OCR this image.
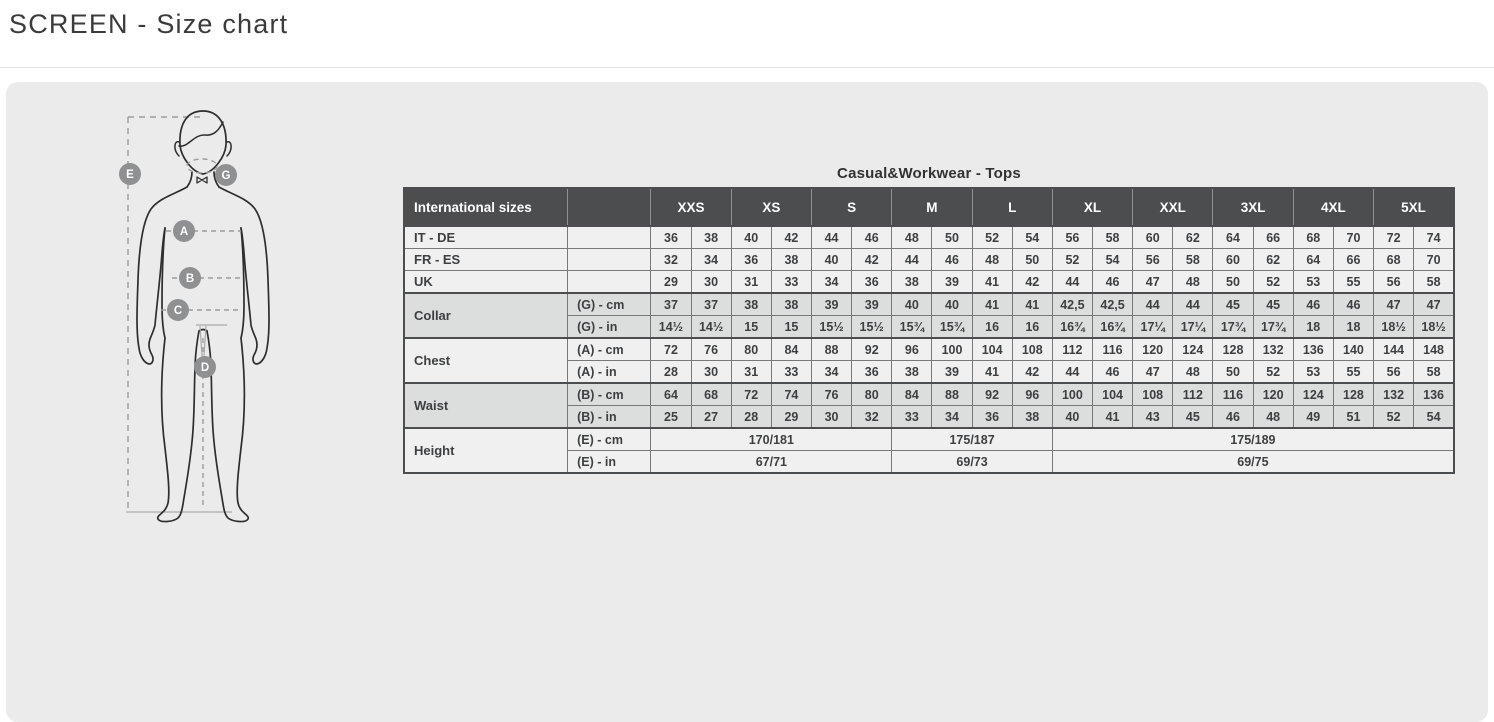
SCREEN - Size chart
E	G
A
B
C
D
Casual&Workwear - Tops
International sizes		XXS		XS		S		M		L		XL		XXL		3XL		4XL		5XL	
IT - DE		36	38	40	42	44	46	48	50	52	54	56	58	60	62	64	66	68	70	72	74
FR - ES		32	34	36	38	40	42	44	46	48	50	52	54	56	58	60	62	64	66	68	70
UK		29	30	31	33	34	36	38	39	41	42	44	46	47	48	50	52	53	55	56	58
Collar	(G) - cm	37	37	38	38	39	39	40	40	41	41	42,5	42,5	44	44	45	45	46	46	47	47
	(G) - in	14½	14½	15	15	15½	15½	15¾	15¾	16	16	16¾	16¾	17¼	17¼	17¾	17¾	18	18	18½	18½
Chest	(A) - cm	72	76	80	84	88	92	96	100	104	108	112	116	120	124	128	132	136	140	144	148
	(A) - in	28	30	31	33	34	36	38	39	41	42	44	46	47	48	50	52	53	55	56	58
Waist	(B) - cm	64	68	72	74	76	80	84	88	92	96	100	104	108	112	116	120	124	128	132	136
	(B) - in	25	27	28	29	30	32	33	34	36	38	40	41	43	45	46	48	49	51	52	54
Height	(E) - cm	170/181						175/187				175/189									
	(E) - in	67/71						69/73				69/75									
